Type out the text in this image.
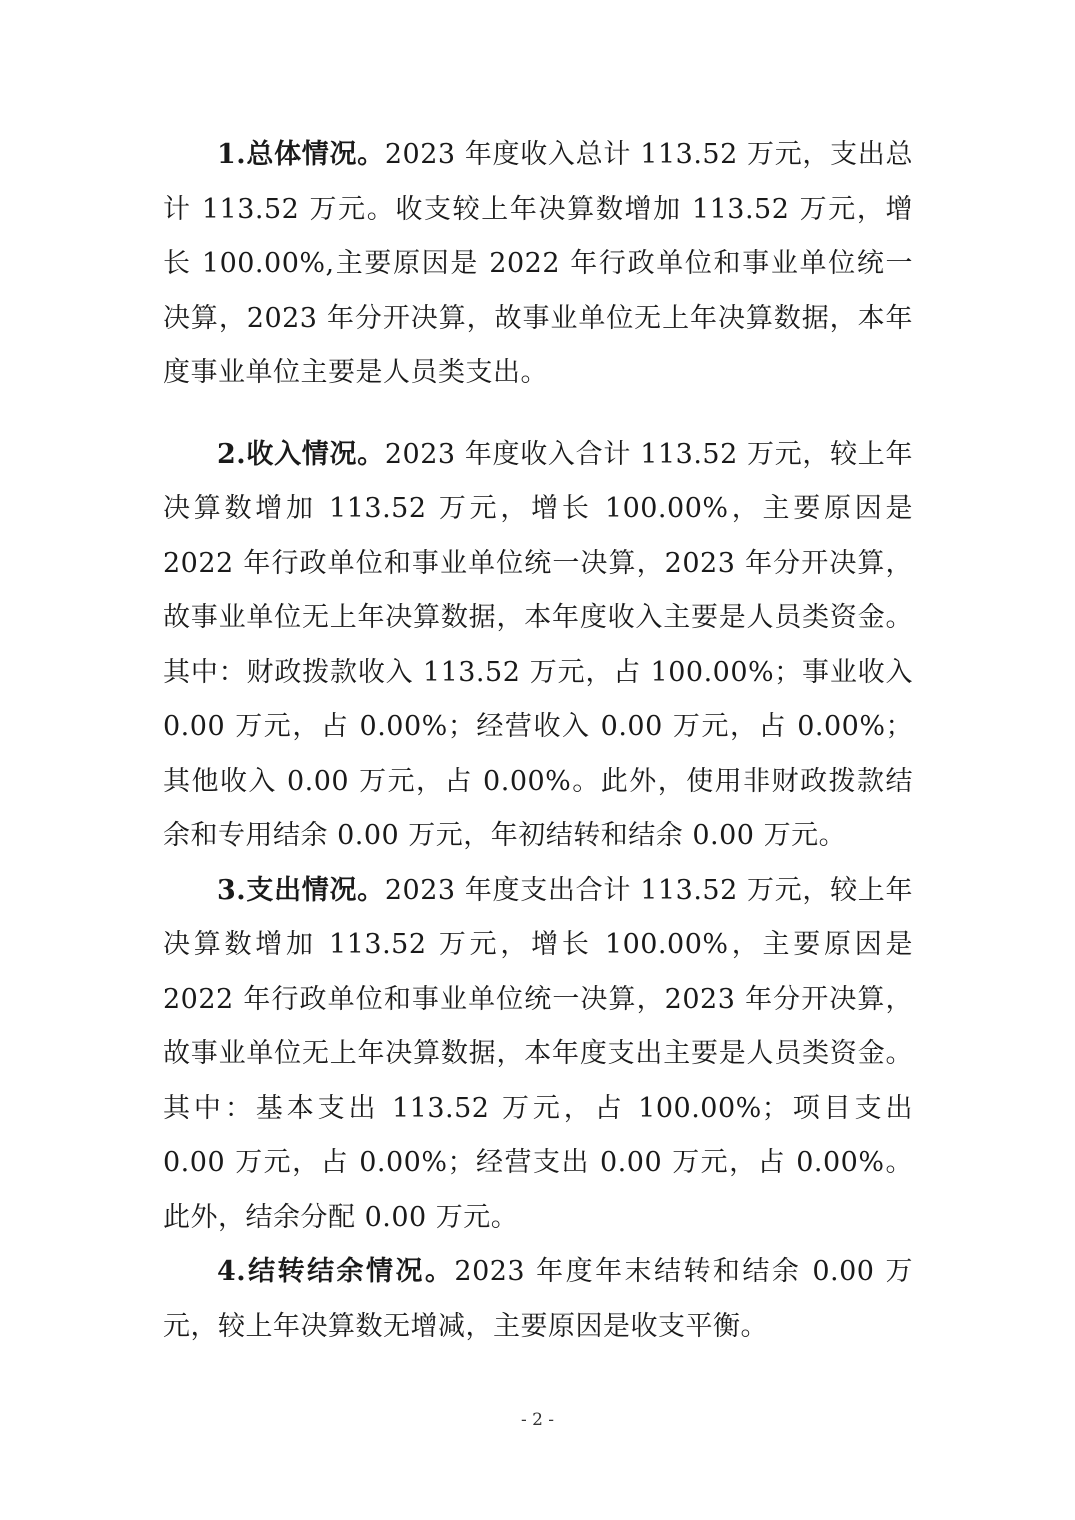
1.总体情况。2023 年度收入总计 113.52 万元，支出总计 113.52 万元。收支较上年决算数增加 113.52 万元，增长 100.00%,主要原因是 2022 年行政单位和事业单位统一决算，2023 年分开决算，故事业单位无上年决算数据，本年度事业单位主要是人员类支出。

2.收入情况。2023 年度收入合计 113.52 万元，较上年决算数增加 113.52 万元，增长 100.00%，主要原因是 2022 年行政单位和事业单位统一决算，2023 年分开决算，故事业单位无上年决算数据，本年度收入主要是人员类资金。其中：财政拨款收入 113.52 万元，占 100.00%；事业收入 0.00 万元，占 0.00%；经营收入 0.00 万元，占 0.00%；其他收入 0.00 万元，占 0.00%。此外，使用非财政拨款结余和专用结余 0.00 万元，年初结转和结余 0.00 万元。

3.支出情况。2023 年度支出合计 113.52 万元，较上年决算数增加 113.52 万元，增长 100.00%，主要原因是 2022 年行政单位和事业单位统一决算，2023 年分开决算，故事业单位无上年决算数据，本年度支出主要是人员类资金。其中：基本支出 113.52 万元，占 100.00%；项目支出 0.00 万元，占 0.00%；经营支出 0.00 万元，占 0.00%。此外，结余分配 0.00 万元。

4.结转结余情况。2023 年度年末结转和结余 0.00 万元，较上年决算数无增减，主要原因是收支平衡。

- 2 -
